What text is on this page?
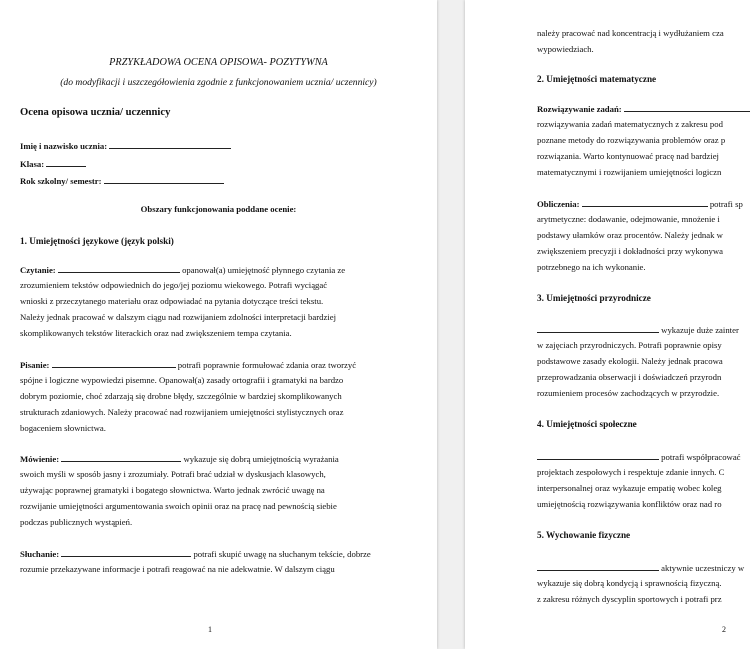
PRZYKŁADOWA OCENA OPISOWA- POZYTYWNA
(do modyfikacji i uszczegółowienia zgodnie z funkcjonowaniem ucznia/ uczennicy)
Ocena opisowa ucznia/ uczennicy
Imię i nazwisko ucznia:
Klasa:
Rok szkolny/ semestr:
Obszary funkcjonowania poddane ocenie:
1. Umiejętności językowe (język polski)
Czytanie:	opanował(a) umiejętność płynnego czytania ze
zrozumieniem tekstów odpowiednich do jego/jej poziomu wiekowego. Potrafi wyciągać
wnioski z przeczytanego materiału oraz odpowiadać na pytania dotyczące treści tekstu.
Należy jednak pracować w dalszym ciągu nad rozwijaniem zdolności interpretacji bardziej
skomplikowanych tekstów literackich oraz nad zwiększeniem tempa czytania.
Pisanie:	potrafi poprawnie formułować zdania oraz tworzyć
spójne i logiczne wypowiedzi pisemne. Opanował(a) zasady ortografii i gramatyki na bardzo
dobrym poziomie, choć zdarzają się drobne błędy, szczególnie w bardziej skomplikowanych
strukturach zdaniowych. Należy pracować nad rozwijaniem umiejętności stylistycznych oraz
bogaceniem słownictwa.
Mówienie:	wykazuje się dobrą umiejętnością wyrażania
swoich myśli w sposób jasny i zrozumiały. Potrafi brać udział w dyskusjach klasowych,
używając poprawnej gramatyki i bogatego słownictwa. Warto jednak zwrócić uwagę na
rozwijanie umiejętności argumentowania swoich opinii oraz na pracę nad pewnością siebie
podczas publicznych wystąpień.
Słuchanie:	potrafi skupić uwagę na słuchanym tekście, dobrze
rozumie przekazywane informacje i potrafi reagować na nie adekwatnie. W dalszym ciągu
1
należy pracować nad koncentracją i wydłużaniem cza
wypowiedziach.
2. Umiejętności matematyczne
Rozwiązywanie zadań:
rozwiązywania zadań matematycznych z zakresu pod
poznane metody do rozwiązywania problemów oraz p
rozwiązania. Warto kontynuować pracę nad bardziej
matematycznymi i rozwijaniem umiejętności logiczn
Obliczenia:	potrafi sp
arytmetyczne: dodawanie, odejmowanie, mnożenie i
podstawy ułamków oraz procentów. Należy jednak w
zwiększeniem precyzji i dokładności przy wykonywa
potrzebnego na ich wykonanie.
3. Umiejętności przyrodnicze
wykazuje duże zainter
w zajęciach przyrodniczych. Potrafi poprawnie opisy
podstawowe zasady ekologii. Należy jednak pracowa
przeprowadzania obserwacji i doświadczeń przyrodn
rozumieniem procesów zachodzących w przyrodzie.
4. Umiejętności społeczne
potrafi współpracować
projektach zespołowych i respektuje zdanie innych. C
interpersonalnej oraz wykazuje empatię wobec koleg
umiejętnością rozwiązywania konfliktów oraz nad ro
5. Wychowanie fizyczne
aktywnie uczestniczy w
wykazuje się dobrą kondycją i sprawnością fizyczną.
z zakresu różnych dyscyplin sportowych i potrafi prz
2
